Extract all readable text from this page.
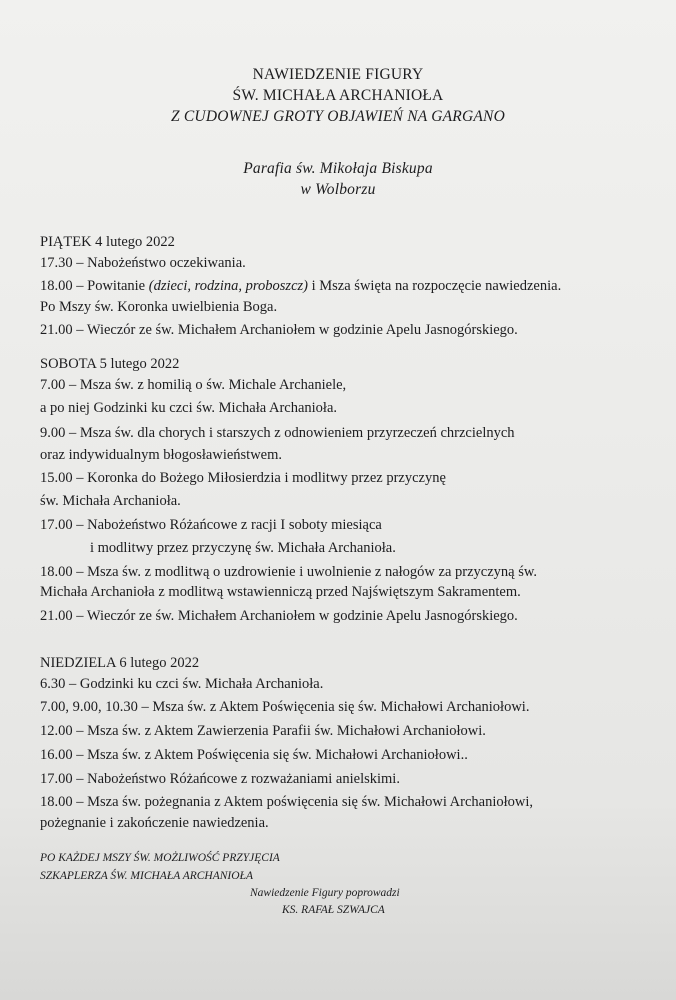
NAWIEDZENIE FIGURY
ŚW. MICHAŁA ARCHANIOŁA
Z CUDOWNEJ GROTY OBJAWIEŃ NA GARGANO
Parafia św. Mikołaja Biskupa
w Wolborzu
PIĄTEK 4 lutego 2022
17.30 – Nabożeństwo oczekiwania.
18.00 – Powitanie (dzieci, rodzina, proboszcz) i Msza święta na rozpoczęcie nawiedzenia.
Po Mszy św. Koronka uwielbienia Boga.
21.00 – Wieczór ze św. Michałem Archaniołem w godzinie Apelu Jasnogórskiego.
SOBOTA 5 lutego 2022
7.00 – Msza św. z homilią o św. Michale Archaniele,
a po niej Godzinki ku czci św. Michała Archanioła.
9.00 – Msza św. dla chorych i starszych z odnowieniem przyrzeczeń chrzcielnych
oraz indywidualnym błogosławieństwem.
15.00 – Koronka do Bożego Miłosierdzia i modlitwy przez przyczynę
św. Michała Archanioła.
17.00 – Nabożeństwo Różańcowe z racji I soboty miesiąca
i modlitwy przez przyczynę św. Michała Archanioła.
18.00 – Msza św. z modlitwą o uzdrowienie i uwolnienie z nałogów za przyczyną św.
Michała Archanioła z modlitwą wstawienniczą przed Najświętszym Sakramentem.
21.00 – Wieczór ze św. Michałem Archaniołem w godzinie Apelu Jasnogórskiego.
NIEDZIELA 6 lutego 2022
6.30 – Godzinki ku czci św. Michała Archanioła.
7.00, 9.00, 10.30 – Msza św. z Aktem Poświęcenia się św. Michałowi Archaniołowi.
12.00 – Msza św. z Aktem Zawierzenia Parafii św. Michałowi Archaniołowi.
16.00 – Msza św. z Aktem Poświęcenia się św. Michałowi Archaniołowi..
17.00 – Nabożeństwo Różańcowe z rozważaniami anielskimi.
18.00 – Msza św. pożegnania z Aktem poświęcenia się św. Michałowi Archaniołowi,
pożegnanie i zakończenie nawiedzenia.
PO KAŻDEJ MSZY ŚW. MOŻLIWOŚĆ PRZYJĘCIA
SZKAPLERZA ŚW. MICHAŁA ARCHANIOŁA
Nawiedzenie Figury poprowadzi
KS. RAFAŁ SZWAJCA
